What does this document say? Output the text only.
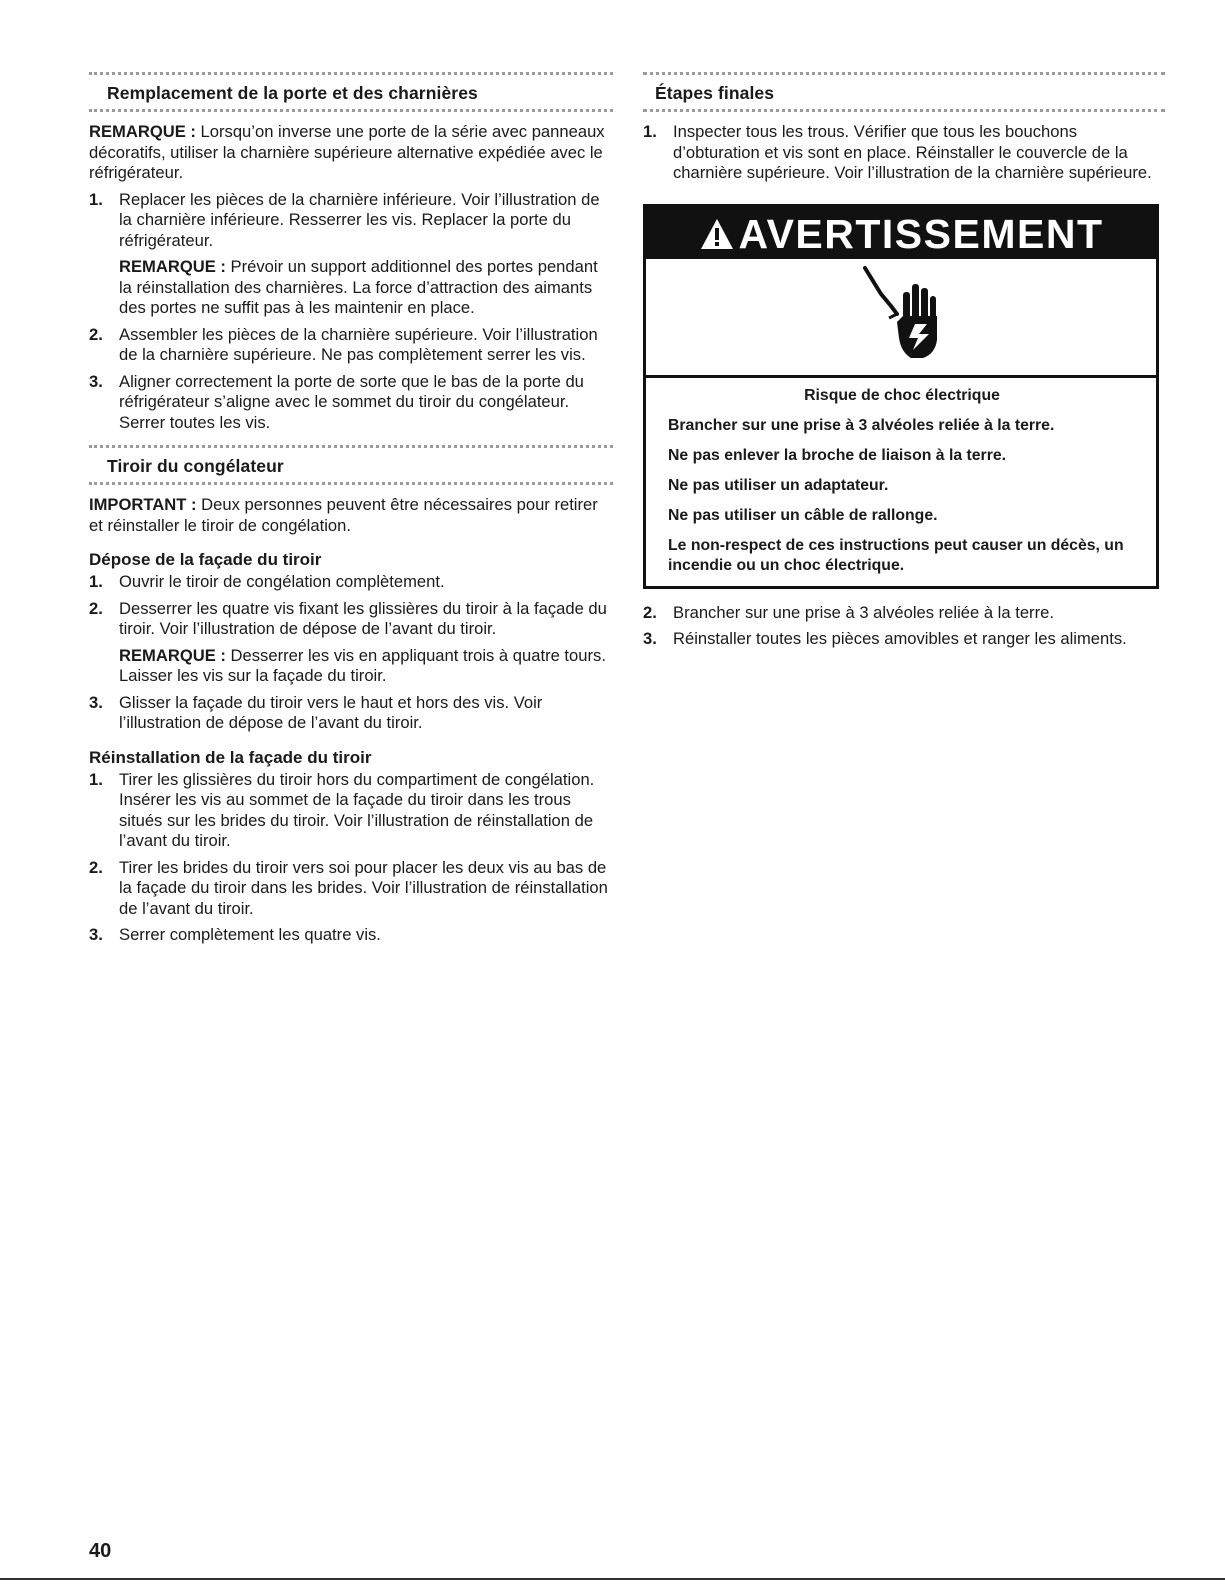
Remplacement de la porte et des charnières

REMARQUE : Lorsqu’on inverse une porte de la série avec panneaux décoratifs, utiliser la charnière supérieure alternative expédiée avec le réfrigérateur.

1. Replacer les pièces de la charnière inférieure. Voir l’illustration de la charnière inférieure. Resserrer les vis. Replacer la porte du réfrigérateur.
REMARQUE : Prévoir un support additionnel des portes pendant la réinstallation des charnières. La force d’attraction des aimants des portes ne suffit pas à les maintenir en place.
2. Assembler les pièces de la charnière supérieure. Voir l’illustration de la charnière supérieure. Ne pas complètement serrer les vis.
3. Aligner correctement la porte de sorte que le bas de la porte du réfrigérateur s’aligne avec le sommet du tiroir du congélateur. Serrer toutes les vis.
Tiroir du congélateur

IMPORTANT : Deux personnes peuvent être nécessaires pour retirer et réinstaller le tiroir de congélation.

Dépose de la façade du tiroir
1. Ouvrir le tiroir de congélation complètement.
2. Desserrer les quatre vis fixant les glissières du tiroir à la façade du tiroir. Voir l’illustration de dépose de l’avant du tiroir.
REMARQUE : Desserrer les vis en appliquant trois à quatre tours. Laisser les vis sur la façade du tiroir.
3. Glisser la façade du tiroir vers le haut et hors des vis. Voir l’illustration de dépose de l’avant du tiroir.
Réinstallation de la façade du tiroir
1. Tirer les glissières du tiroir hors du compartiment de congélation. Insérer les vis au sommet de la façade du tiroir dans les trous situés sur les brides du tiroir. Voir l’illustration de réinstallation de l’avant du tiroir.
2. Tirer les brides du tiroir vers soi pour placer les deux vis au bas de la façade du tiroir dans les brides. Voir l’illustration de réinstallation de l’avant du tiroir.
3. Serrer complètement les quatre vis.
Étapes finales
1. Inspecter tous les trous. Vérifier que tous les bouchons d’obturation et vis sont en place. Réinstaller le couvercle de la charnière supérieure. Voir l’illustration de la charnière supérieure.
AVERTISSEMENT
Risque de choc électrique
Brancher sur une prise à 3 alvéoles reliée à la terre.
Ne pas enlever la broche de liaison à la terre.
Ne pas utiliser un adaptateur.
Ne pas utiliser un câble de rallonge.
Le non-respect de ces instructions peut causer un décès, un incendie ou un choc électrique.
2. Brancher sur une prise à 3 alvéoles reliée à la terre.
3. Réinstaller toutes les pièces amovibles et ranger les aliments.
40
